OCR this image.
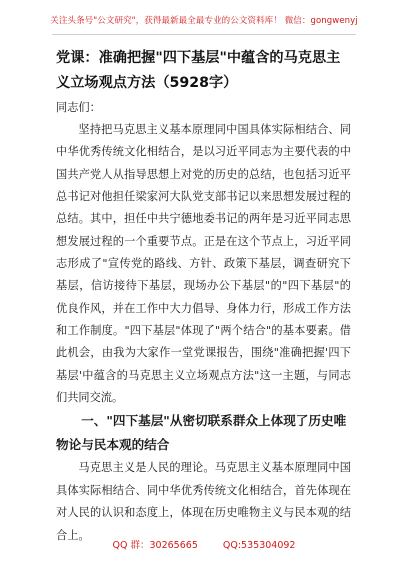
关注头条号"公文研究"，获得最新最全最专业的公文资料库！ 微信：gongwenyj
党课：准确把握"四下基层"中蕴含的马克思主义立场观点方法（5928字）

同志们：

坚持把马克思主义基本原理同中国具体实际相结合、同中华优秀传统文化相结合，是以习近平同志为主要代表的中国共产党人从指导思想上对党的历史的总结，也包括习近平总书记对他担任梁家河大队党支部书记以来思想发展过程的总结。其中，担任中共宁德地委书记的两年是习近平同志思想发展过程的一个重要节点。正是在这个节点上，习近平同志形成了"宣传党的路线、方针、政策下基层，调查研究下基层，信访接待下基层，现场办公下基层"的"四下基层"的优良作风，并在工作中大力倡导、身体力行，形成工作方法和工作制度。"四下基层"体现了"两个结合"的基本要素。借此机会，由我为大家作一堂党课报告，围绕"准确把握'四下基层'中蕴含的马克思主义立场观点方法"这一主题，与同志们共同交流。

一、"四下基层"从密切联系群众上体现了历史唯物论与民本观的结合

马克思主义是人民的理论。马克思主义基本原理同中国具体实际相结合、同中华优秀传统文化相结合，首先体现在对人民的认识和态度上，体现在历史唯物主义与民本观的结合上。

QQ 群：30265665	QQ:535304092
